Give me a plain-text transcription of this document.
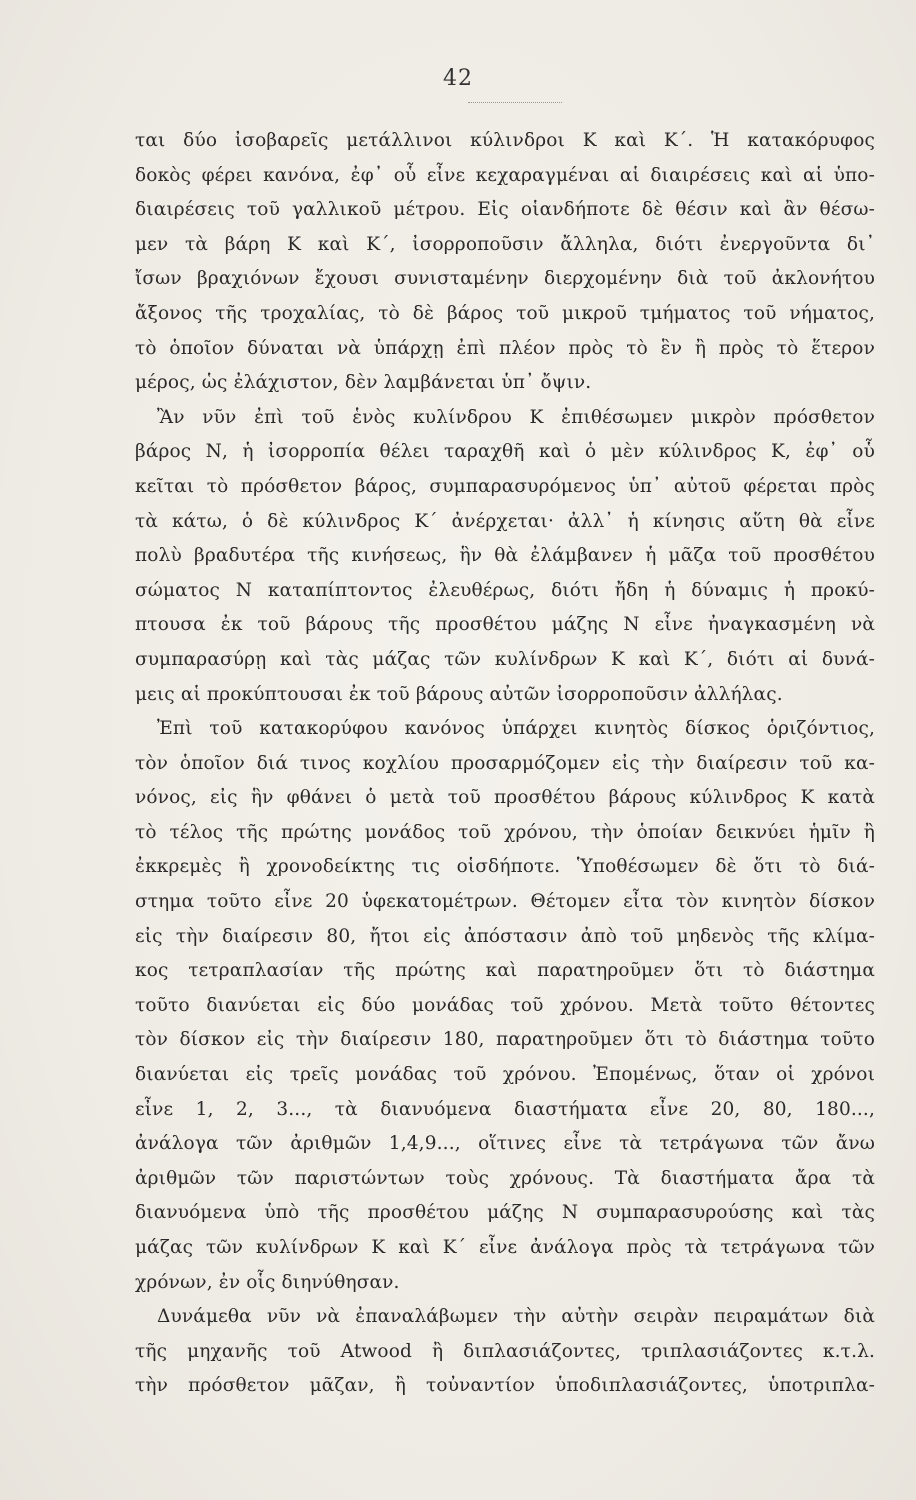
42
ται δύο ἰσοβαρεῖς μετάλλινοι κύλινδροι Κ καὶ Κ΄. Ἡ κατακόρυφος
δοκὸς φέρει κανόνα, ἐφ᾽ οὗ εἶνε κεχαραγμέναι αἱ διαιρέσεις καὶ αἱ ὑπο-
διαιρέσεις τοῦ γαλλικοῦ μέτρου. Εἰς οἱανδήποτε δὲ θέσιν καὶ ἂν θέσω-
μεν τὰ βάρη Κ καὶ Κ΄, ἰσορροποῦσιν ἄλληλα, διότι ἐνεργοῦντα δι᾽
ἴσων βραχιόνων ἔχουσι συνισταμένην διερχομένην διὰ τοῦ ἀκλονήτου
ἄξονος τῆς τροχαλίας, τὸ δὲ βάρος τοῦ μικροῦ τμήματος τοῦ νήματος,
τὸ ὁποῖον δύναται νὰ ὑπάρχῃ ἐπὶ πλέον πρὸς τὸ ἓν ἢ πρὸς τὸ ἕτερον
μέρος, ὡς ἐλάχιστον, δὲν λαμβάνεται ὑπ᾽ ὄψιν.
Ἂν νῦν ἐπὶ τοῦ ἑνὸς κυλίνδρου Κ ἐπιθέσωμεν μικρὸν πρόσθετον
βάρος Ν, ἡ ἰσορροπία θέλει ταραχθῆ καὶ ὁ μὲν κύλινδρος Κ, ἐφ᾽ οὗ
κεῖται τὸ πρόσθετον βάρος, συμπαρασυρόμενος ὑπ᾽ αὐτοῦ φέρεται πρὸς
τὰ κάτω, ὁ δὲ κύλινδρος Κ΄ ἀνέρχεται· ἀλλ᾽ ἡ κίνησις αὕτη θὰ εἶνε
πολὺ βραδυτέρα τῆς κινήσεως, ἣν θὰ ἐλάμβανεν ἡ μᾶζα τοῦ προσθέτου
σώματος Ν καταπίπτοντος ἐλευθέρως, διότι ἤδη ἡ δύναμις ἡ προκύ-
πτουσα ἐκ τοῦ βάρους τῆς προσθέτου μάζης Ν εἶνε ἠναγκασμένη νὰ
συμπαρασύρῃ καὶ τὰς μάζας τῶν κυλίνδρων Κ καὶ Κ΄, διότι αἱ δυνά-
μεις αἱ προκύπτουσαι ἐκ τοῦ βάρους αὐτῶν ἰσορροποῦσιν ἀλλήλας.
Ἐπὶ τοῦ κατακορύφου κανόνος ὑπάρχει κινητὸς δίσκος ὁριζόντιος,
τὸν ὁποῖον διά τινος κοχλίου προσαρμόζομεν εἰς τὴν διαίρεσιν τοῦ κα-
νόνος, εἰς ἣν φθάνει ὁ μετὰ τοῦ προσθέτου βάρους κύλινδρος Κ κατὰ
τὸ τέλος τῆς πρώτης μονάδος τοῦ χρόνου, τὴν ὁποίαν δεικνύει ἡμῖν ἢ
ἐκκρεμὲς ἢ χρονοδείκτης τις οἱσδήποτε. Ὑποθέσωμεν δὲ ὅτι τὸ διά-
στημα τοῦτο εἶνε 20 ὑφεκατομέτρων. Θέτομεν εἶτα τὸν κινητὸν δίσκον
εἰς τὴν διαίρεσιν 80, ἤτοι εἰς ἀπόστασιν ἀπὸ τοῦ μηδενὸς τῆς κλίμα-
κος τετραπλασίαν τῆς πρώτης καὶ παρατηροῦμεν ὅτι τὸ διάστημα
τοῦτο διανύεται εἰς δύο μονάδας τοῦ χρόνου. Μετὰ τοῦτο θέτοντες
τὸν δίσκον εἰς τὴν διαίρεσιν 180, παρατηροῦμεν ὅτι τὸ διάστημα τοῦτο
διανύεται εἰς τρεῖς μονάδας τοῦ χρόνου. Ἐπομένως, ὅταν οἱ χρόνοι
εἶνε 1, 2, 3..., τὰ διανυόμενα διαστήματα εἶνε 20, 80, 180...,
ἀνάλογα τῶν ἀριθμῶν 1,4,9..., οἵτινες εἶνε τὰ τετράγωνα τῶν ἄνω
ἀριθμῶν τῶν παριστώντων τοὺς χρόνους. Τὰ διαστήματα ἄρα τὰ
διανυόμενα ὑπὸ τῆς προσθέτου μάζης Ν συμπαρασυρούσης καὶ τὰς
μάζας τῶν κυλίνδρων Κ καὶ Κ΄ εἶνε ἀνάλογα πρὸς τὰ τετράγωνα τῶν
χρόνων, ἐν οἷς διηνύθησαν.
Δυνάμεθα νῦν νὰ ἐπαναλάβωμεν τὴν αὐτὴν σειρὰν πειραμάτων διὰ
τῆς μηχανῆς τοῦ Atwood ἢ διπλασιάζοντες, τριπλασιάζοντες κ.τ.λ.
τὴν πρόσθετον μᾶζαν, ἢ τοὐναντίον ὑποδιπλασιάζοντες, ὑποτριπλα-
